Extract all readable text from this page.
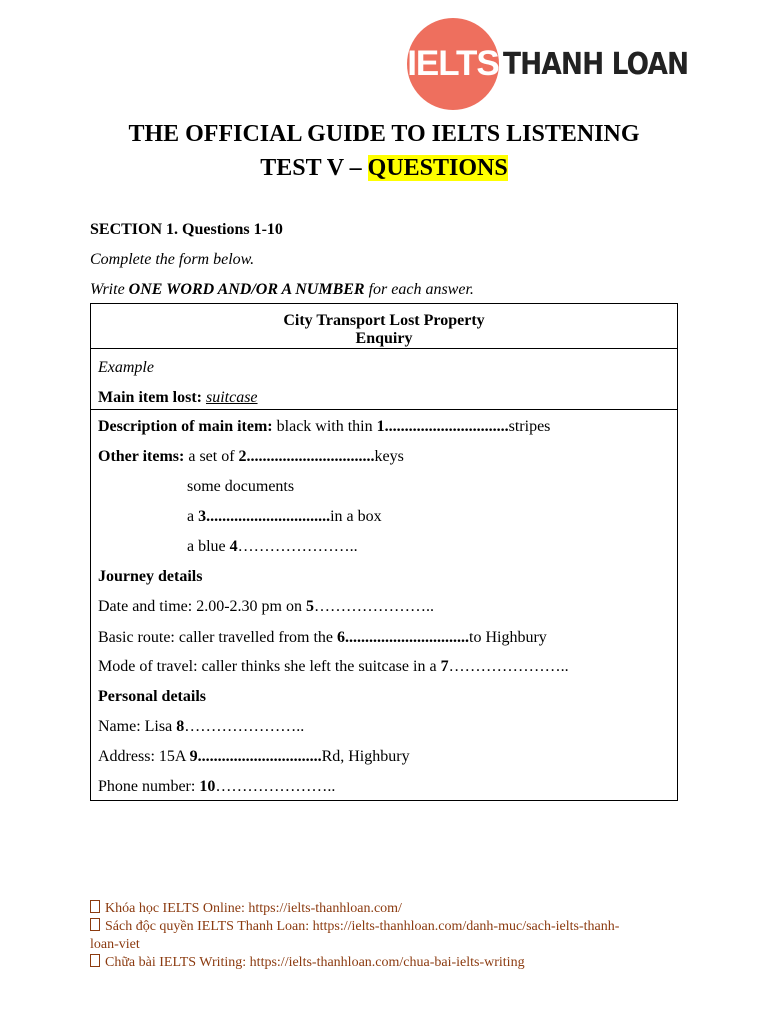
IELTS THANH LOAN
THE OFFICIAL GUIDE TO IELTS LISTENING
TEST V – QUESTIONS
SECTION 1. Questions 1-10
Complete the form below.
Write ONE WORD AND/OR A NUMBER for each answer.
City Transport Lost Property
Enquiry
Example
Main item lost: suitcase
Description of main item: black with thin 1...............................stripes
Other items: a set of 2................................keys
some documents
a 3...............................in a box
a blue 4…………………..
Journey details
Date and time: 2.00-2.30 pm on 5…………………..
Basic route: caller travelled from the 6...............................to Highbury
Mode of travel: caller thinks she left the suitcase in a 7…………………..
Personal details
Name: Lisa 8…………………..
Address: 15A 9...............................Rd, Highbury
Phone number: 10…………………..
Khóa học IELTS Online: https://ielts-thanhloan.com/
Sách độc quyền IELTS Thanh Loan: https://ielts-thanhloan.com/danh-muc/sach-ielts-thanh-
loan-viet
Chữa bài IELTS Writing: https://ielts-thanhloan.com/chua-bai-ielts-writing
